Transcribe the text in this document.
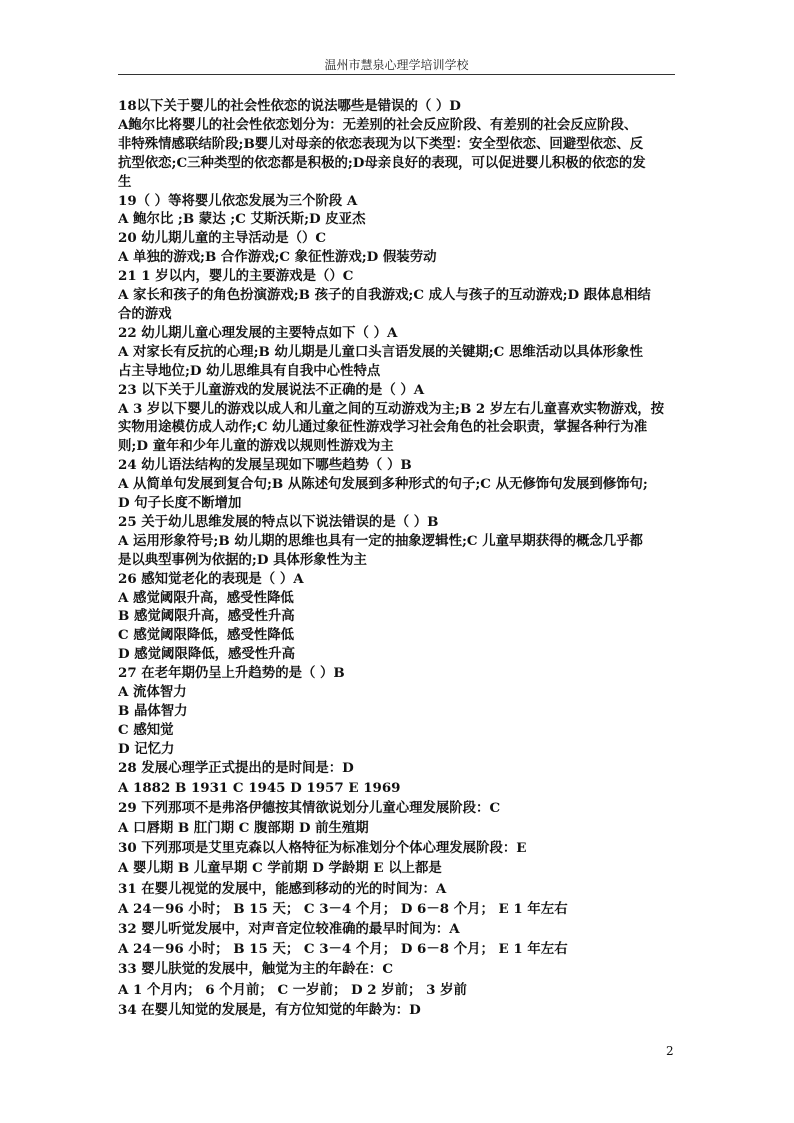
温州市慧泉心理学培训学校
18以下关于婴儿的社会性依恋的说法哪些是错误的（ ）D
A鲍尔比将婴儿的社会性依恋划分为：无差别的社会反应阶段、有差别的社会反应阶段、
非特殊情感联结阶段;B婴儿对母亲的依恋表现为以下类型：安全型依恋、回避型依恋、反
抗型依恋;C三种类型的依恋都是积极的;D母亲良好的表现，可以促进婴儿积极的依恋的发
生
19（ ）等将婴儿依恋发展为三个阶段 A
A 鲍尔比 ;B 蒙达 ;C 艾斯沃斯;D 皮亚杰
20 幼儿期儿童的主导活动是（）C
A 单独的游戏;B 合作游戏;C 象征性游戏;D 假装劳动
21 1 岁以内，婴儿的主要游戏是（）C
A 家长和孩子的角色扮演游戏;B 孩子的自我游戏;C 成人与孩子的互动游戏;D 跟体息相结
合的游戏
22 幼儿期儿童心理发展的主要特点如下（ ）A
A 对家长有反抗的心理;B 幼儿期是儿童口头言语发展的关键期;C 思维活动以具体形象性
占主导地位;D 幼儿思维具有自我中心性特点
23 以下关于儿童游戏的发展说法不正确的是（ ）A
A 3 岁以下婴儿的游戏以成人和儿童之间的互动游戏为主;B 2 岁左右儿童喜欢实物游戏，按
实物用途模仿成人动作;C 幼儿通过象征性游戏学习社会角色的社会职责，掌握各种行为准
则;D 童年和少年儿童的游戏以规则性游戏为主
24 幼儿语法结构的发展呈现如下哪些趋势（ ）B
A 从简单句发展到复合句;B 从陈述句发展到多种形式的句子;C 从无修饰句发展到修饰句;
D 句子长度不断增加
25 关于幼儿思维发展的特点以下说法错误的是（ ）B
A 运用形象符号;B 幼儿期的思维也具有一定的抽象逻辑性;C 儿童早期获得的概念几乎都
是以典型事例为依据的;D 具体形象性为主
26 感知觉老化的表现是（ ）A
A 感觉阈限升高，感受性降低
B 感觉阈限升高，感受性升高
C 感觉阈限降低，感受性降低
D 感觉阈限降低，感受性升高
27 在老年期仍呈上升趋势的是（ ）B
A 流体智力
B 晶体智力
C 感知觉
D 记忆力
28 发展心理学正式提出的是时间是：D
A 1882 B 1931 C 1945 D 1957 E 1969
29 下列那项不是弗洛伊德按其情欲说划分儿童心理发展阶段：C
A 口唇期 B 肛门期 C 腹部期 D 前生殖期
30 下列那项是艾里克森以人格特征为标准划分个体心理发展阶段：E
A 婴儿期 B 儿童早期 C 学前期 D 学龄期 E 以上都是
31 在婴儿视觉的发展中，能感到移动的光的时间为：A
A 24－96 小时； B 15 天； C 3－4 个月； D 6－8 个月； E 1 年左右
32 婴儿听觉发展中，对声音定位较准确的最早时间为：A
A 24－96 小时； B 15 天； C 3－4 个月； D 6－8 个月； E 1 年左右
33 婴儿肤觉的发展中，触觉为主的年龄在：C
A 1 个月内； 6 个月前； C 一岁前； D 2 岁前； 3 岁前
34 在婴儿知觉的发展是，有方位知觉的年龄为：D
2
